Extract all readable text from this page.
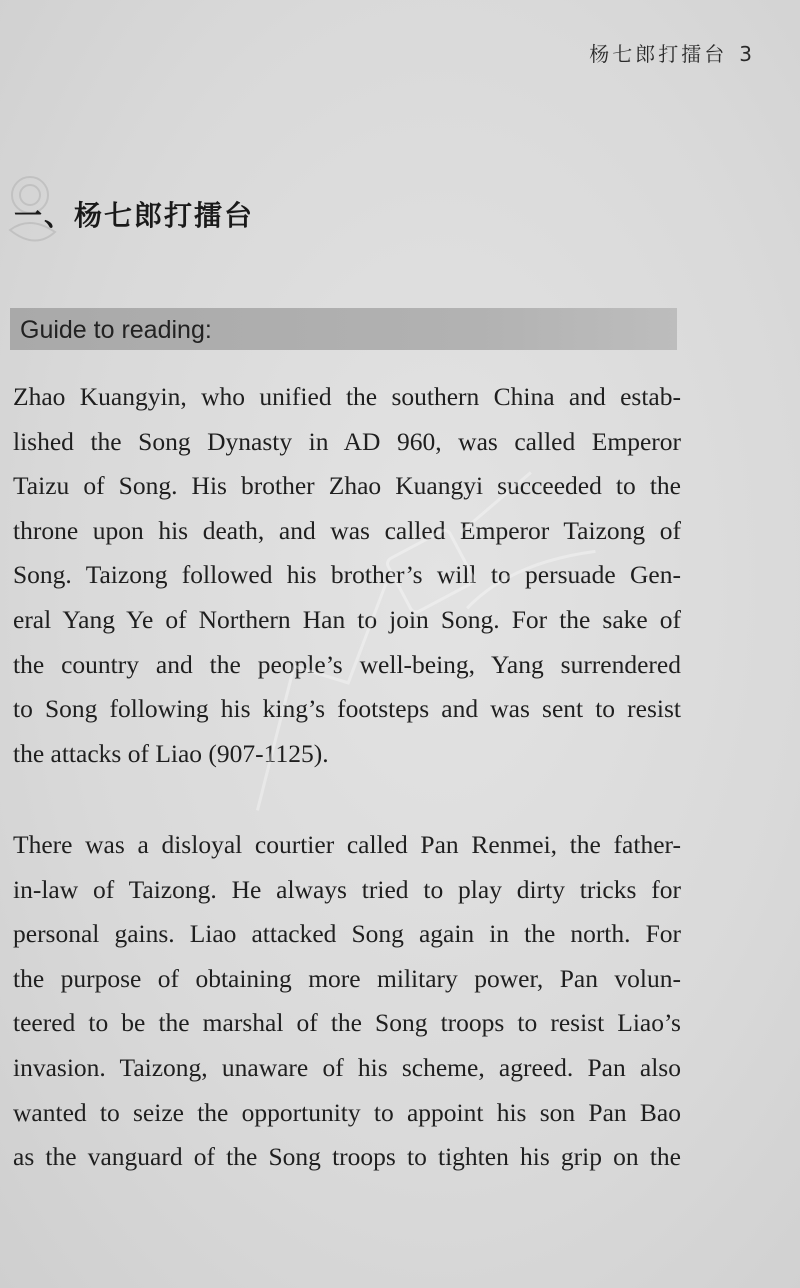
杨七郎打擂台 3
一、杨七郎打擂台
Guide to reading:

Zhao Kuangyin, who unified the southern China and estab-
lished the Song Dynasty in AD 960, was called Emperor
Taizu of Song. His brother Zhao Kuangyi succeeded to the
throne upon his death, and was called Emperor Taizong of
Song. Taizong followed his brother’s will to persuade Gen-
eral Yang Ye of Northern Han to join Song. For the sake of
the country and the people’s well-being, Yang surrendered
to Song following his king’s footsteps and was sent to resist
the attacks of Liao (907-1125).

There was a disloyal courtier called Pan Renmei, the father-
in-law of Taizong. He always tried to play dirty tricks for
personal gains. Liao attacked Song again in the north. For
the purpose of obtaining more military power, Pan volun-
teered to be the marshal of the Song troops to resist Liao’s
invasion. Taizong, unaware of his scheme, agreed. Pan also
wanted to seize the opportunity to appoint his son Pan Bao
as the vanguard of the Song troops to tighten his grip on the
